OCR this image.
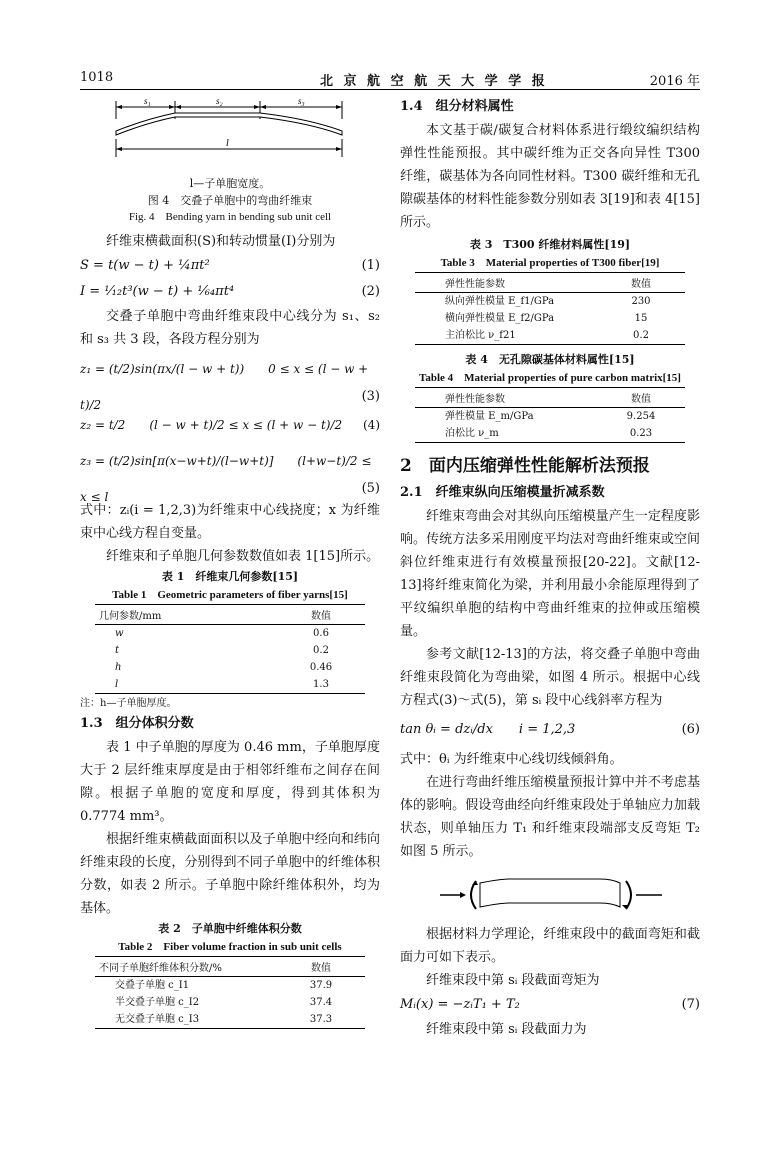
1018	北 京 航 空 航 天 大 学 学 报	2016 年
s₁	s₂	s₃
l

l—子单胞宽度。

图 4　交叠子单胞中的弯曲纤维束

Fig. 4　Bending yarn in bending sub unit cell

纤维束横截面积(S)和转动惯量(I)分别为

S = t(w − t) + ¼πt²	(1)
I = ¹⁄₁₂t³(w − t) + ¹⁄₆₄πt⁴	(2)

交叠子单胞中弯曲纤维束段中心线分为 s₁、s₂ 和 s₃ 共 3 段，各段方程分别为

z₁ = (t/2)sin(πx/(l − w + t))　　0 ≤ x ≤ (l − w + t)/2
(3)
z₂ = t/2　　(l − w + t)/2 ≤ x ≤ (l + w − t)/2 (4)
z₃ = (t/2)sin[π(x−w+t)/(l−w+t)]　　(l+w−t)/2 ≤ x ≤ l
(5)

式中：zᵢ(i = 1,2,3)为纤维束中心线挠度；x 为纤维束中心线方程自变量。

纤维束和子单胞几何参数数值如表 1[15]所示。

表 1　纤维束几何参数[15]

Table 1　Geometric parameters of fiber yarns[15]

几何参数/mm	数值
w	0.6
t	0.2
h	0.46
l	1.3

注：h—子单胞厚度。

1.3　组分体积分数

表 1 中子单胞的厚度为 0.46 mm，子单胞厚度大于 2 层纤维束厚度是由于相邻纤维布之间存在间隙。根据子单胞的宽度和厚度，得到其体积为 0.7774 mm³。

根据纤维束横截面面积以及子单胞中经向和纬向纤维束段的长度，分别得到不同子单胞中的纤维体积分数，如表 2 所示。子单胞中除纤维体积外，均为基体。

表 2　子单胞中纤维体积分数

Table 2　Fiber volume fraction in sub unit cells

不同子单胞纤维体积分数/%	数值
交叠子单胞 c_I1	37.9
半交叠子单胞 c_I2	37.4
无交叠子单胞 c_I3	37.3

1.4　组分材料属性

本文基于碳/碳复合材料体系进行缎纹编织结构弹性性能预报。其中碳纤维为正交各向异性 T300 纤维，碳基体为各向同性材料。T300 碳纤维和无孔隙碳基体的材料性能参数分别如表 3[19]和表 4[15]所示。

表 3　T300 纤维材料属性[19]

Table 3　Material properties of T300 fiber[19]

弹性性能参数	数值
纵向弹性模量 E_f1/GPa	230
横向弹性模量 E_f2/GPa	15
主泊松比 ν_f21	0.2

表 4　无孔隙碳基体材料属性[15]

Table 4　Material properties of pure carbon matrix[15]

弹性性能参数	数值
弹性模量 E_m/GPa	9.254
泊松比 ν_m	0.23

2　面内压缩弹性性能解析法预报

2.1　纤维束纵向压缩模量折减系数

纤维束弯曲会对其纵向压缩模量产生一定程度影响。传统方法多采用刚度平均法对弯曲纤维束或空间斜位纤维束进行有效模量预报[20-22]。文献[12-13]将纤维束简化为梁，并利用最小余能原理得到了平纹编织单胞的结构中弯曲纤维束的拉伸或压缩模量。

参考文献[12-13]的方法，将交叠子单胞中弯曲纤维束段简化为弯曲梁，如图 4 所示。根据中心线方程式(3)～式(5)，第 sᵢ 段中心线斜率方程为

tan θᵢ = dzᵢ/dx　　i = 1,2,3	(6)

式中：θᵢ 为纤维束中心线切线倾斜角。

在进行弯曲纤维压缩模量预报计算中并不考虑基体的影响。假设弯曲经向纤维束段处于单轴应力加载状态，则单轴压力 T₁ 和纤维束段端部支反弯矩 T₂ 如图 5 所示。

根据材料力学理论，纤维束段中的截面弯矩和截面力可如下表示。

纤维束段中第 sᵢ 段截面弯矩为

Mᵢ(x) = −zᵢT₁ + T₂	(7)

纤维束段中第 sᵢ 段截面力为
